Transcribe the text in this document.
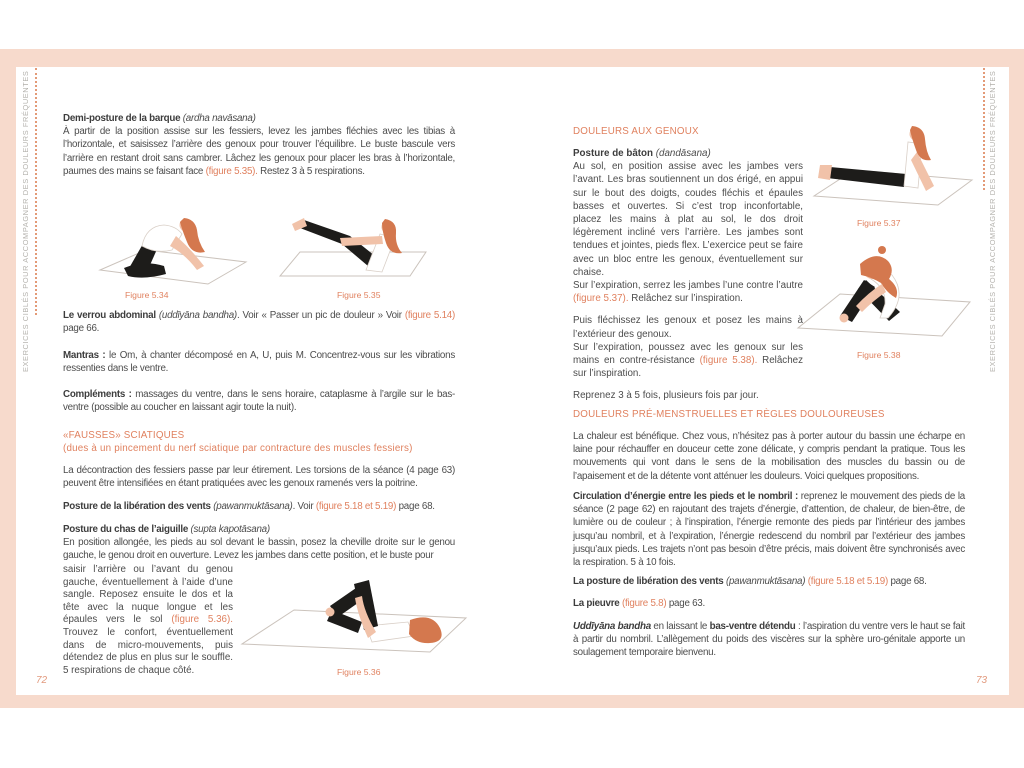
EXERCICES CIBLÉS POUR ACCOMPAGNER DES DOULEURS FRÉQUENTES	EXERCICES CIBLÉS POUR ACCOMPAGNER DES DOULEURS FRÉQUENTES
Demi-posture de la barque (ardha navāsana)
À partir de la position assise sur les fessiers, levez les jambes fléchies avec les tibias à l’horizontale, et saisissez l’arrière des genoux pour trouver l’équilibre. Le buste bascule vers l’arrière en restant droit sans cambrer. Lâchez les genoux pour placer les bras à l’horizontale, paumes des mains se faisant face (figure 5.35). Restez 3 à 5 respirations.
Figure 5.34	Figure 5.35
Le verrou abdominal (uddīyāna bandha). Voir « Passer un pic de douleur » Voir (figure 5.14) page 66.
Mantras : le Om, à chanter décomposé en A, U, puis M. Concentrez-vous sur les vibrations ressenties dans le ventre.
Compléments : massages du ventre, dans le sens horaire, cataplasme à l’argile sur le bas-ventre (possible au coucher en laissant agir toute la nuit).
«FAUSSES» SCIATIQUES
(dues à un pincement du nerf sciatique par contracture des muscles fessiers)
La décontraction des fessiers passe par leur étirement. Les torsions de la séance (4 page 63) peuvent être intensifiées en étant pratiquées avec les genoux ramenés vers la poitrine.
Posture de la libération des vents (pawanmuktāsana). Voir (figure 5.18 et 5.19) page 68.
Posture du chas de l’aiguille (supta kapotāsana)
En position allongée, les pieds au sol devant le bassin, posez la cheville droite sur le genou gauche, le genou droit en ouverture. Levez les jambes dans cette position, et le buste pour
saisir l’arrière ou l’avant du genou gauche, éventuellement à l’aide d’une sangle. Reposez ensuite le dos et la tête avec la nuque longue et les épaules vers le sol (figure 5.36). Trouvez le confort, éventuellement dans de micro-mouvements, puis détendez de plus en plus sur le souffle. 5 respirations de chaque côté.	Figure 5.36
72
DOULEURS AUX GENOUX
Posture de bâton (dandāsana)
Au sol, en position assise avec les jambes vers l’avant. Les bras soutiennent un dos érigé, en appui sur le bout des doigts, coudes fléchis et épaules basses et ouvertes. Si c’est trop inconfortable, placez les mains à plat au sol, le dos droit légèrement incliné vers l’arrière. Les jambes sont tendues et jointes, pieds flex. L’exercice peut se faire avec un bloc entre les genoux, éventuellement sur chaise.
Sur l’expiration, serrez les jambes l’une contre l’autre (figure 5.37). Relâchez sur l’inspiration.
Puis fléchissez les genoux et posez les mains à l’extérieur des genoux.
Sur l’expiration, poussez avec les genoux sur les mains en contre-résistance (figure 5.38). Relâchez sur l’inspiration.
Reprenez 3 à 5 fois, plusieurs fois par jour.
Figure 5.37
Figure 5.38
DOULEURS PRÉ-MENSTRUELLES ET RÈGLES DOULOUREUSES
La chaleur est bénéfique. Chez vous, n’hésitez pas à porter autour du bassin une écharpe en laine pour réchauffer en douceur cette zone délicate, y compris pendant la pratique. Tous les mouvements qui vont dans le sens de la mobilisation des muscles du bassin ou de l’apaisement et de la détente vont atténuer les douleurs. Voici quelques propositions.
Circulation d’énergie entre les pieds et le nombril : reprenez le mouvement des pieds de la séance (2 page 62) en rajoutant des trajets d’énergie, d’attention, de chaleur, de bien-être, de lumière ou de couleur ; à l’inspiration, l’énergie remonte des pieds par l’intérieur des jambes jusqu’au nombril, et à l’expiration, l’énergie redescend du nombril par l’extérieur des jambes jusqu’aux pieds. Les trajets n’ont pas besoin d’être précis, mais doivent être synchronisés avec la respiration. 5 à 10 fois.
La posture de libération des vents (pawanmuktāsana) (figure 5.18 et 5.19) page 68.
La pieuvre (figure 5.8) page 63.
Uddīyāna bandha en laissant le bas-ventre détendu : l’aspiration du ventre vers le haut se fait à partir du nombril. L’allègement du poids des viscères sur la sphère uro-génitale apporte un soulagement temporaire bienvenu.
73
